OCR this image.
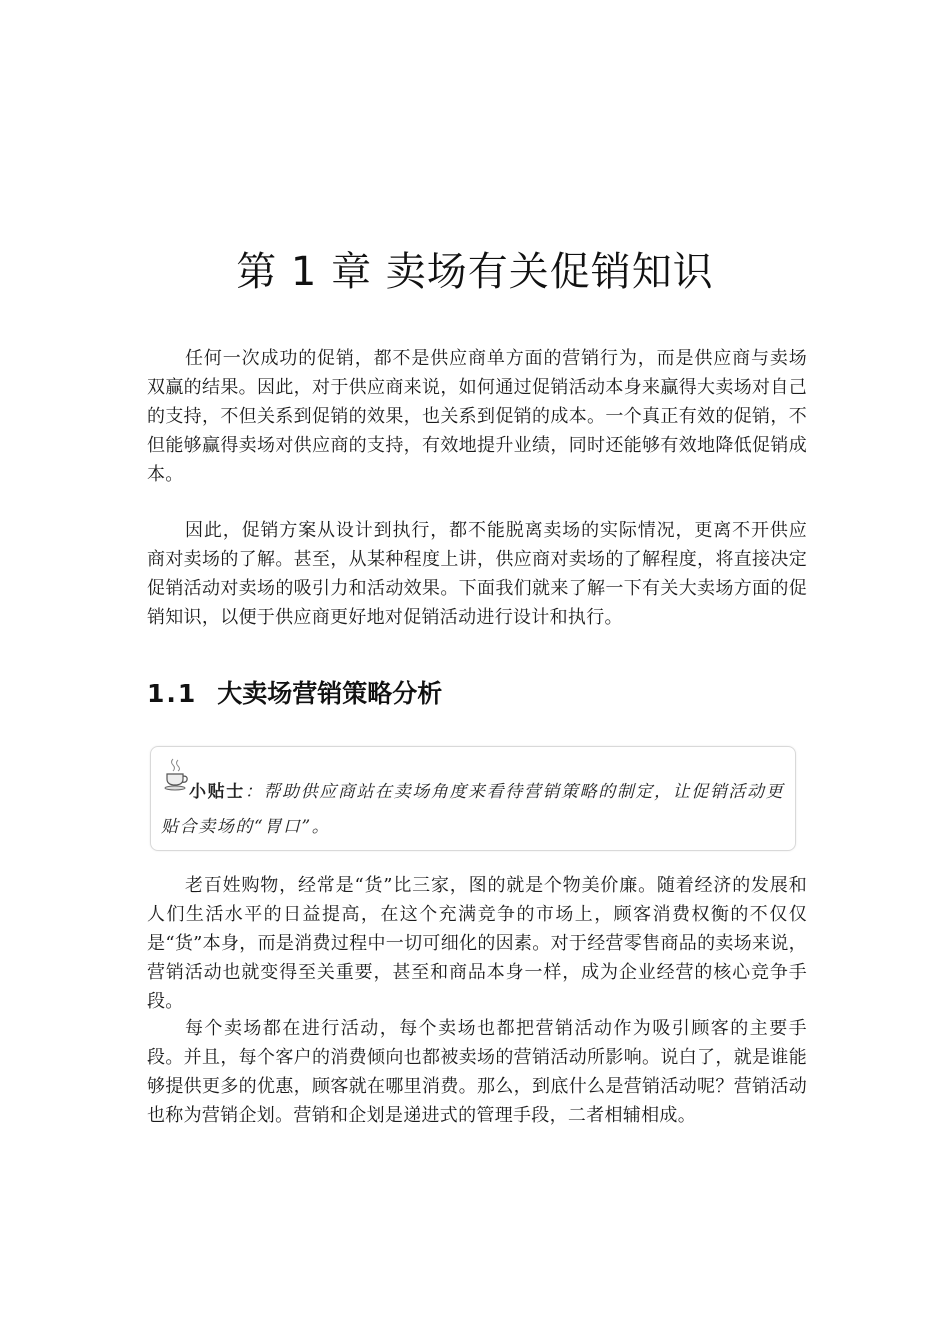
第 1 章 卖场有关促销知识

任何一次成功的促销，都不是供应商单方面的营销行为，而是供应商与卖场双赢的结果。因此，对于供应商来说，如何通过促销活动本身来赢得大卖场对自己的支持，不但关系到促销的效果，也关系到促销的成本。一个真正有效的促销，不但能够赢得卖场对供应商的支持，有效地提升业绩，同时还能够有效地降低促销成本。

因此，促销方案从设计到执行，都不能脱离卖场的实际情况，更离不开供应商对卖场的了解。甚至，从某种程度上讲，供应商对卖场的了解程度，将直接决定促销活动对卖场的吸引力和活动效果。下面我们就来了解一下有关大卖场方面的促销知识，以便于供应商更好地对促销活动进行设计和执行。

1.1 大卖场营销策略分析

小贴士：帮助供应商站在卖场角度来看待营销策略的制定，让促销活动更贴合卖场的“胃口”。

老百姓购物，经常是“货”比三家，图的就是个物美价廉。随着经济的发展和人们生活水平的日益提高，在这个充满竞争的市场上，顾客消费权衡的不仅仅是“货”本身，而是消费过程中一切可细化的因素。对于经营零售商品的卖场来说，营销活动也就变得至关重要，甚至和商品本身一样，成为企业经营的核心竞争手段。

每个卖场都在进行活动，每个卖场也都把营销活动作为吸引顾客的主要手段。并且，每个客户的消费倾向也都被卖场的营销活动所影响。说白了，就是谁能够提供更多的优惠，顾客就在哪里消费。那么，到底什么是营销活动呢？营销活动也称为营销企划。营销和企划是递进式的管理手段，二者相辅相成。
